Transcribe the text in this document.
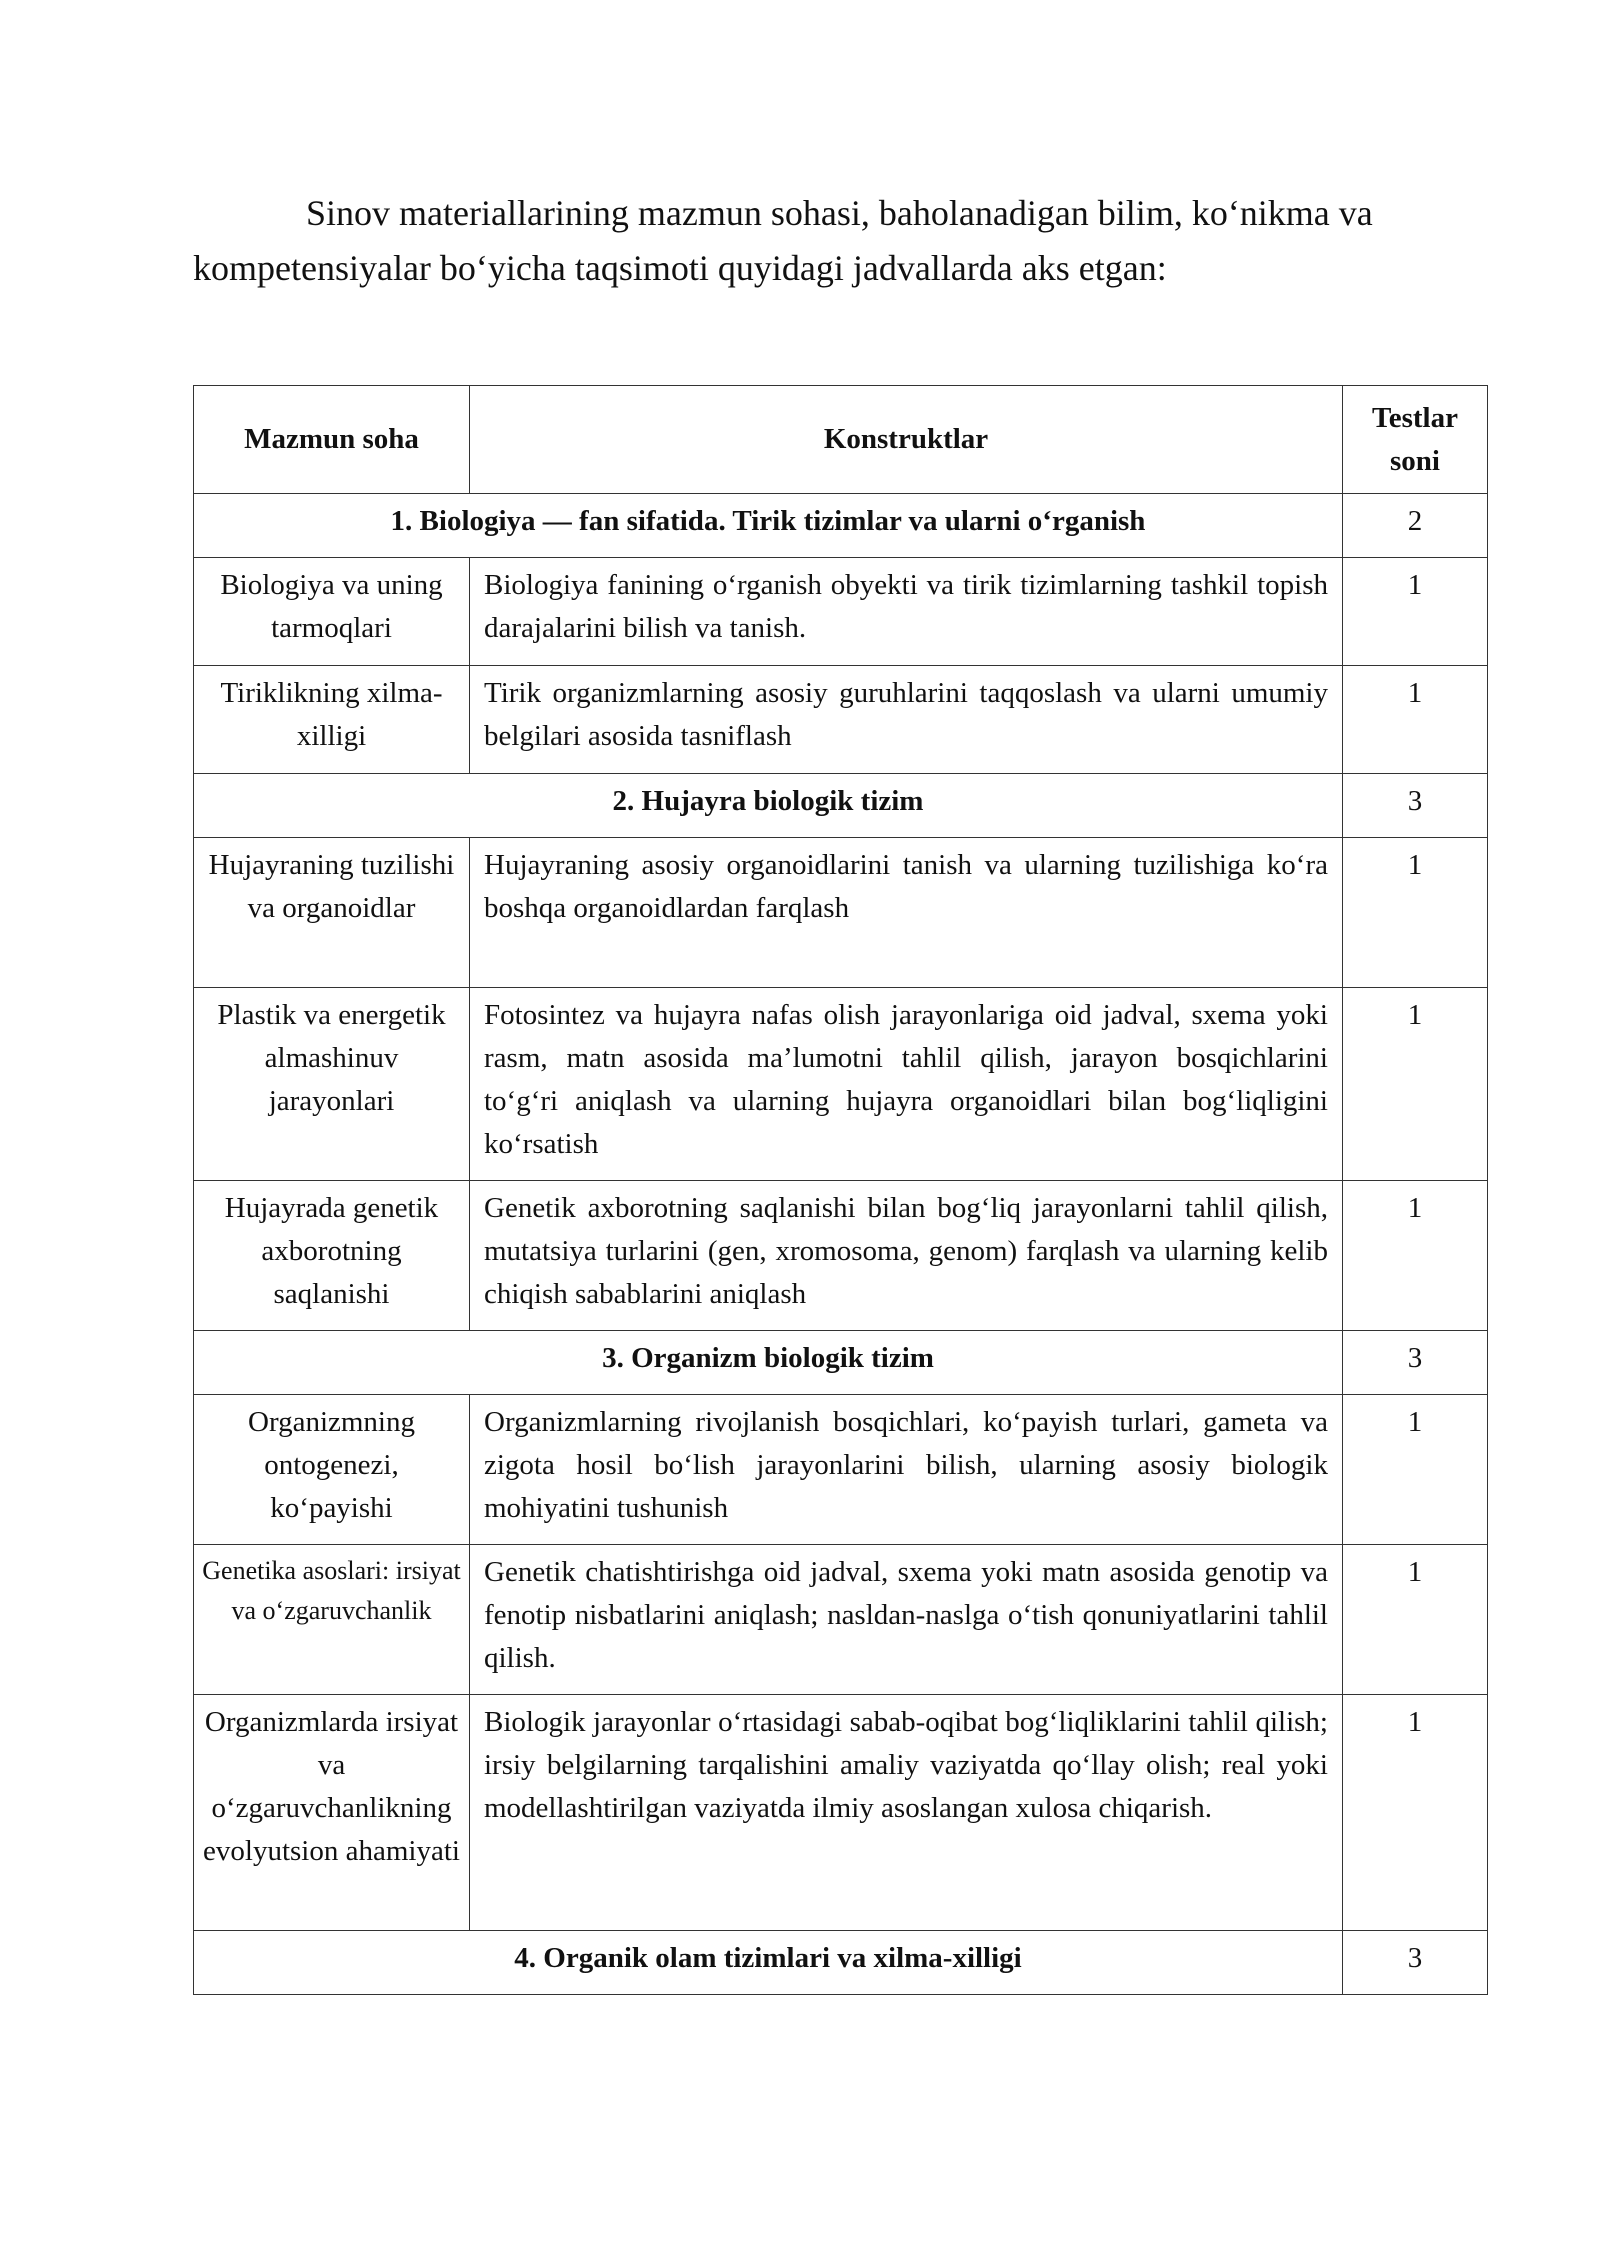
Sinov materiallarining mazmun sohasi, baholanadigan bilim, ko‘nikma va
kompetensiyalar bo‘yicha taqsimoti quyidagi jadvallarda aks etgan:
Mazmun soha	Konstruktlar	Testlar soni
1. Biologiya — fan sifatida. Tirik tizimlar va ularni o‘rganish		2
Biologiya va uning tarmoqlari	Biologiya fanining o‘rganish obyekti va tirik tizimlarning tashkil topish darajalarini bilish va tanish.	1
Tiriklikning xilma-xilligi	Tirik organizmlarning asosiy guruhlarini taqqoslash va ularni umumiy belgilari asosida tasniflash	1
2. Hujayra biologik tizim		3
Hujayraning tuzilishi va organoidlar	Hujayraning asosiy organoidlarini tanish va ularning tuzilishiga ko‘ra boshqa organoidlardan farqlash	1
Plastik va energetik almashinuv jarayonlari	Fotosintez va hujayra nafas olish jarayonlariga oid jadval, sxema yoki rasm, matn asosida ma’lumotni tahlil qilish, jarayon bosqichlarini to‘g‘ri aniqlash va ularning hujayra organoidlari bilan bog‘liqligini ko‘rsatish	1
Hujayrada genetik axborotning saqlanishi	Genetik axborotning saqlanishi bilan bog‘liq jarayonlarni tahlil qilish, mutatsiya turlarini (gen, xromosoma, genom) farqlash va ularning kelib chiqish sabablarini aniqlash	1
3. Organizm biologik tizim		3
Organizmning ontogenezi, ko‘payishi	Organizmlarning rivojlanish bosqichlari, ko‘payish turlari, gameta va zigota hosil bo‘lish jarayonlarini bilish, ularning asosiy biologik mohiyatini tushunish	1
Genetika asoslari: irsiyat va o‘zgaruvchanlik	Genetik chatishtirishga oid jadval, sxema yoki matn asosida genotip va fenotip nisbatlarini aniqlash; nasldan-naslga o‘tish qonuniyatlarini tahlil qilish.	1
Organizmlarda irsiyat va o‘zgaruvchanlikning evolyutsion ahamiyati	Biologik jarayonlar o‘rtasidagi sabab-oqibat bog‘liqliklarini tahlil qilish; irsiy belgilarning tarqalishini amaliy vaziyatda qo‘llay olish; real yoki modellashtirilgan vaziyatda ilmiy asoslangan xulosa chiqarish.	1
4. Organik olam tizimlari va xilma-xilligi		3
